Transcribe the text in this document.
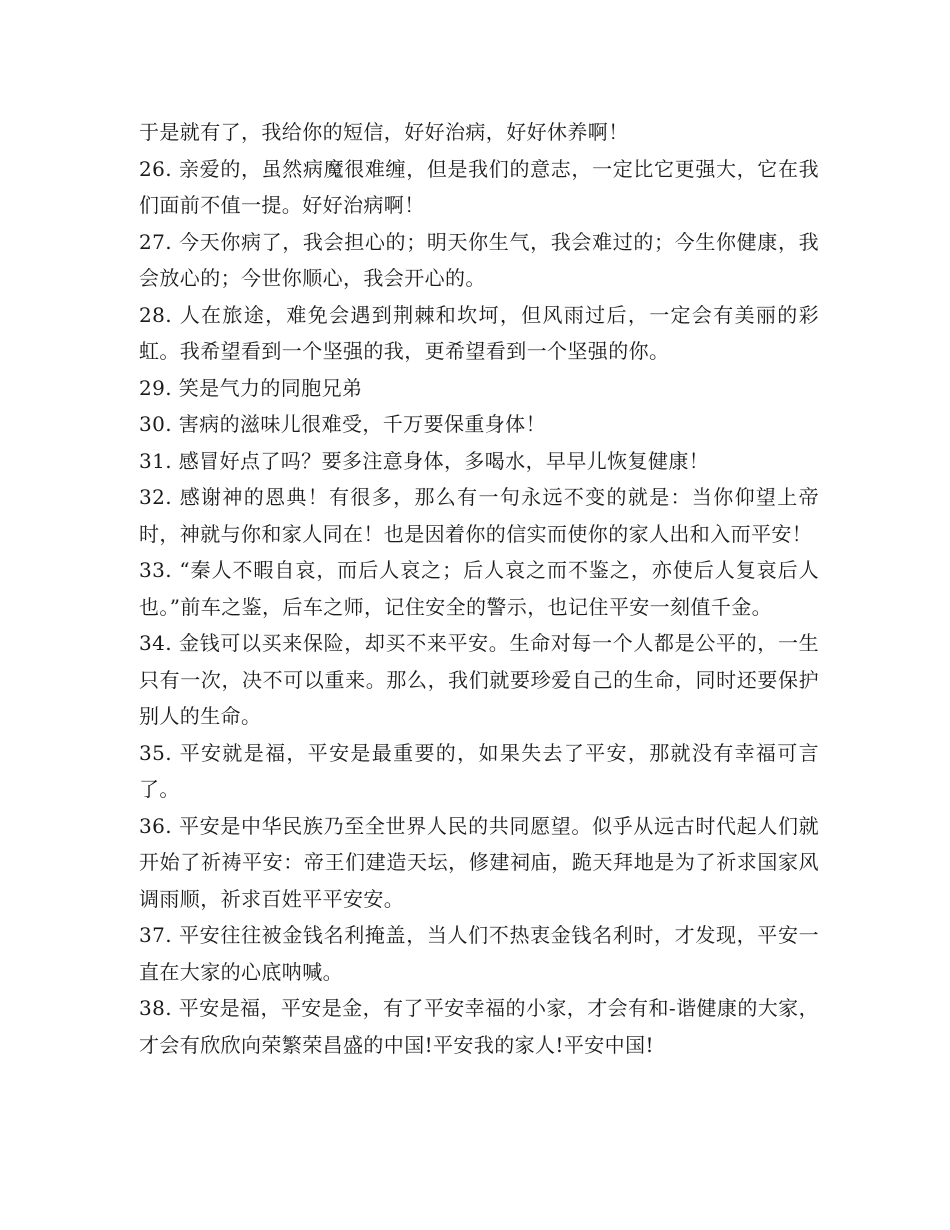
于是就有了，我给你的短信，好好治病，好好休养啊！

26. 亲爱的，虽然病魔很难缠，但是我们的意志，一定比它更强大，它在我们面前不值一提。好好治病啊！

27. 今天你病了，我会担心的；明天你生气，我会难过的；今生你健康，我会放心的；今世你顺心，我会开心的。

28. 人在旅途，难免会遇到荆棘和坎坷，但风雨过后，一定会有美丽的彩虹。我希望看到一个坚强的我，更希望看到一个坚强的你。

29. 笑是气力的同胞兄弟

30. 害病的滋味儿很难受，千万要保重身体！

31. 感冒好点了吗？要多注意身体，多喝水，早早儿恢复健康！

32. 感谢神的恩典！有很多，那么有一句永远不变的就是：当你仰望上帝时，神就与你和家人同在！也是因着你的信实而使你的家人出和入而平安！

33. “秦人不暇自哀，而后人哀之；后人哀之而不鉴之，亦使后人复哀后人也。”前车之鉴，后车之师，记住安全的警示，也记住平安一刻值千金。

34. 金钱可以买来保险，却买不来平安。生命对每一个人都是公平的，一生只有一次，决不可以重来。那么，我们就要珍爱自己的生命，同时还要保护别人的生命。

35. 平安就是福，平安是最重要的，如果失去了平安，那就没有幸福可言了。

36. 平安是中华民族乃至全世界人民的共同愿望。似乎从远古时代起人们就开始了祈祷平安：帝王们建造天坛，修建祠庙，跪天拜地是为了祈求国家风调雨顺，祈求百姓平平安安。

37. 平安往往被金钱名利掩盖，当人们不热衷金钱名利时，才发现，平安一直在大家的心底呐喊。

38. 平安是福，平安是金，有了平安幸福的小家，才会有和-谐健康的大家，才会有欣欣向荣繁荣昌盛的中国!平安我的家人!平安中国!
